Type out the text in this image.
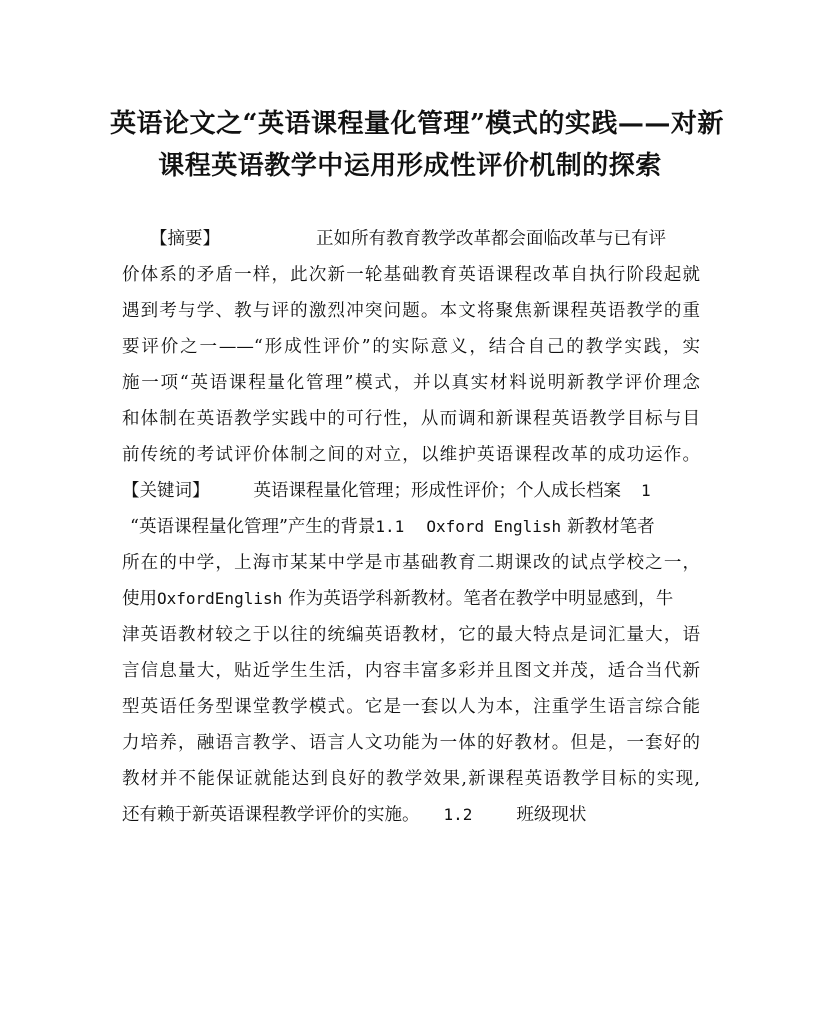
英语论文之“英语课程量化管理”模式的实践——对新
课程英语教学中运用形成性评价机制的探索
【摘要】	正如所有教育教学改革都会面临改革与已有评
价体系的矛盾一样，此次新一轮基础教育英语课程改革自执行阶段起就
遇到考与学、教与评的激烈冲突问题。本文将聚焦新课程英语教学的重
要评价之一——“形成性评价”的实际意义，结合自己的教学实践，实
施一项“英语课程量化管理”模式，并以真实材料说明新教学评价理念
和体制在英语教学实践中的可行性，从而调和新课程英语教学目标与目
前传统的考试评价体制之间的对立，以维护英语课程改革的成功运作。
【关键词】	英语课程量化管理；形成性评价；个人成长档案 1
“英语课程量化管理”产生的背景1.1 Oxford English 新教材笔者
所在的中学，上海市某某中学是市基础教育二期课改的试点学校之一，
使用OxfordEnglish 作为英语学科新教材。笔者在教学中明显感到，牛
津英语教材较之于以往的统编英语教材，它的最大特点是词汇量大，语
言信息量大，贴近学生生活，内容丰富多彩并且图文并茂，适合当代新
型英语任务型课堂教学模式。它是一套以人为本，注重学生语言综合能
力培养，融语言教学、语言人文功能为一体的好教材。但是，一套好的
教材并不能保证就能达到良好的教学效果,新课程英语教学目标的实现,
还有赖于新英语课程教学评价的实施。 1.2	班级现状
